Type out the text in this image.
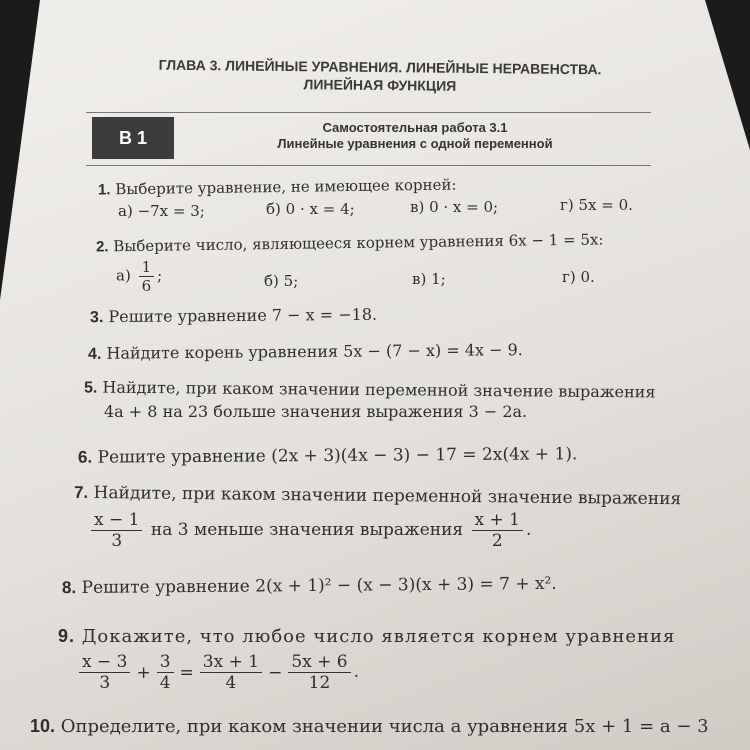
ГЛАВА 3. ЛИНЕЙНЫЕ УРАВНЕНИЯ. ЛИНЕЙНЫЕ НЕРАВЕНСТВА.
ЛИНЕЙНАЯ ФУНКЦИЯ
В 1	Самостоятельная работа 3.1
Линейные уравнения с одной переменной
1. Выберите уравнение, не имеющее корней:
а) −7x = 3;	б) 0 · x = 4;	в) 0 · x = 0;	г) 5x = 0.
2. Выберите число, являющееся корнем уравнения 6x − 1 = 5x:
$а) \frac{1}{6}$ ;	б) 5;	в) 1;	г) 0.
3. Решите уравнение 7 − x = −18.
4. Найдите корень уравнения 5x − (7 − x) = 4x − 9.
5. Найдите, при каком значении переменной значение выражения
4a + 8 на 23 больше значения выражения 3 − 2a.
6. Решите уравнение (2x + 3)(4x − 3) − 17 = 2x(4x + 1).
7. Найдите, при каком значении переменной значение выражения
$\frac{x - 1}{3}$ на 3 меньше значения выражения $\frac{x + 1}{2}$ .
8. Решите уравнение 2(x + 1)² − (x − 3)(x + 3) = 7 + x².
9. Докажите, что любое число является корнем уравнения
$\frac{x - 3}{3} + \frac{3}{4} = \frac{3x + 1}{4} - \frac{5x + 6}{12}$ .
10. Определите, при каком значении числа a уравнения 5x + 1 = a − 3
